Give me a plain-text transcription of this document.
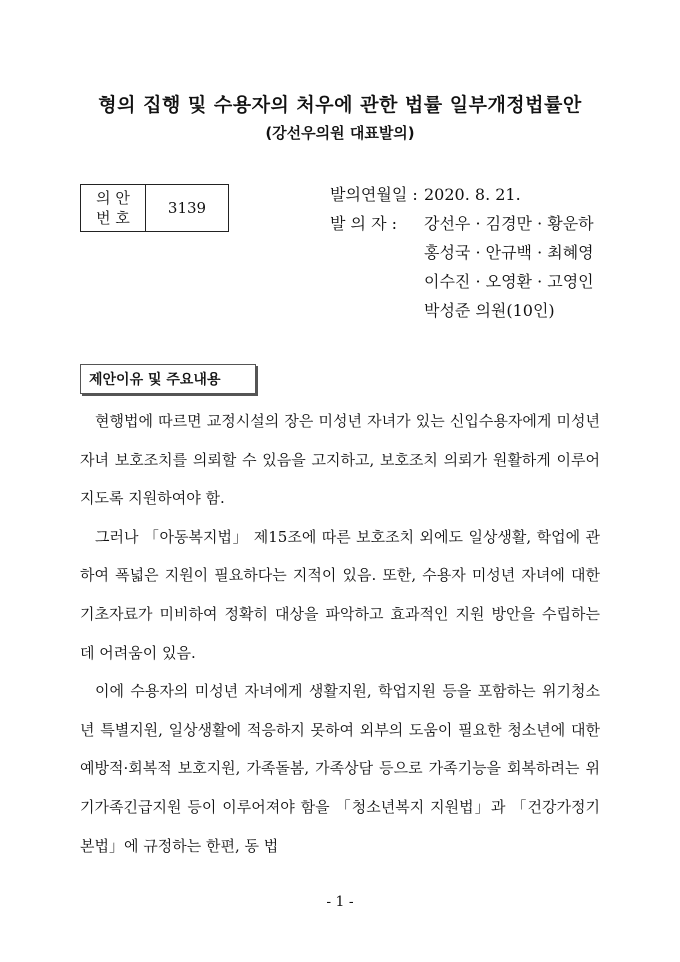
형의 집행 및 수용자의 처우에 관한 법률 일부개정법률안
(강선우의원 대표발의)
의 안
번 호
	3139
발의연월일 : 2020. 8. 21.
발 의 자 : 강선우 · 김경만 · 황운하
홍성국 · 안규백 · 최혜영
이수진 · 오영환 · 고영인
박성준 의원(10인)
제안이유 및 주요내용

현행법에 따르면 교정시설의 장은 미성년 자녀가 있는 신입수용자에게 미성년 자녀 보호조치를 의뢰할 수 있음을 고지하고, 보호조치 의뢰가 원활하게 이루어지도록 지원하여야 함.

그러나 「아동복지법」 제15조에 따른 보호조치 외에도 일상생활, 학업에 관하여 폭넓은 지원이 필요하다는 지적이 있음. 또한, 수용자 미성년 자녀에 대한 기초자료가 미비하여 정확히 대상을 파악하고 효과적인 지원 방안을 수립하는 데 어려움이 있음.

이에 수용자의 미성년 자녀에게 생활지원, 학업지원 등을 포함하는 위기청소년 특별지원, 일상생활에 적응하지 못하여 외부의 도움이 필요한 청소년에 대한 예방적·회복적 보호지원, 가족돌봄, 가족상담 등으로 가족기능을 회복하려는 위기가족긴급지원 등이 이루어져야 함을 「청소년복지 지원법」과 「건강가정기본법」에 규정하는 한편, 동 법

- 1 -
